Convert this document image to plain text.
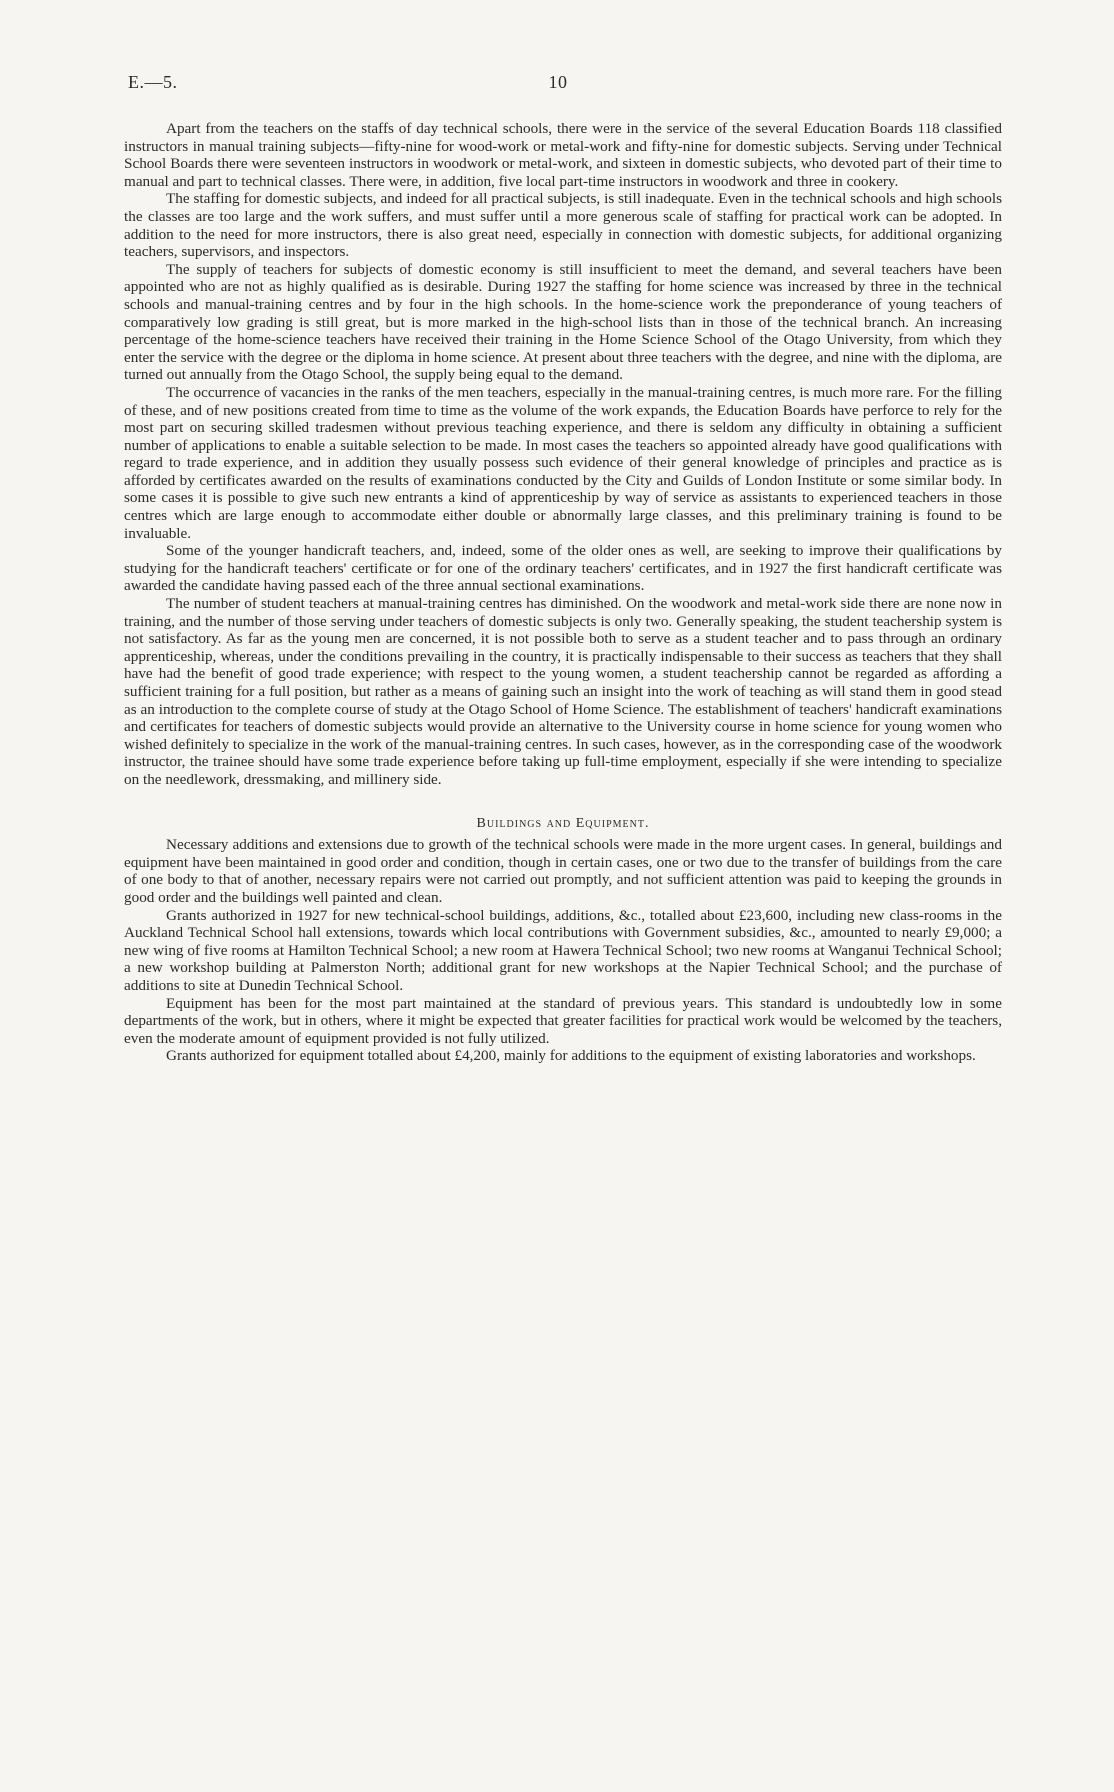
E.—5.	10

Apart from the teachers on the staffs of day technical schools, there were in the service of the several Education Boards 118 classified instructors in manual training subjects—fifty-nine for wood-work or metal-work and fifty-nine for domestic subjects. Serving under Technical School Boards there were seventeen instructors in woodwork or metal-work, and sixteen in domestic subjects, who devoted part of their time to manual and part to technical classes. There were, in addition, five local part-time instructors in woodwork and three in cookery.

The staffing for domestic subjects, and indeed for all practical subjects, is still inadequate. Even in the technical schools and high schools the classes are too large and the work suffers, and must suffer until a more generous scale of staffing for practical work can be adopted. In addition to the need for more instructors, there is also great need, especially in connection with domestic subjects, for additional organizing teachers, supervisors, and inspectors.

The supply of teachers for subjects of domestic economy is still insufficient to meet the demand, and several teachers have been appointed who are not as highly qualified as is desirable. During 1927 the staffing for home science was increased by three in the technical schools and manual-training centres and by four in the high schools. In the home-science work the preponderance of young teachers of comparatively low grading is still great, but is more marked in the high-school lists than in those of the technical branch. An increasing percentage of the home-science teachers have received their training in the Home Science School of the Otago University, from which they enter the service with the degree or the diploma in home science. At present about three teachers with the degree, and nine with the diploma, are turned out annually from the Otago School, the supply being equal to the demand.

The occurrence of vacancies in the ranks of the men teachers, especially in the manual-training centres, is much more rare. For the filling of these, and of new positions created from time to time as the volume of the work expands, the Education Boards have perforce to rely for the most part on securing skilled tradesmen without previous teaching experience, and there is seldom any difficulty in obtaining a sufficient number of applications to enable a suitable selection to be made. In most cases the teachers so appointed already have good qualifications with regard to trade experience, and in addition they usually possess such evidence of their general knowledge of principles and practice as is afforded by certificates awarded on the results of examinations conducted by the City and Guilds of London Institute or some similar body. In some cases it is possible to give such new entrants a kind of apprenticeship by way of service as assistants to experienced teachers in those centres which are large enough to accommodate either double or abnormally large classes, and this preliminary training is found to be invaluable.

Some of the younger handicraft teachers, and, indeed, some of the older ones as well, are seeking to improve their qualifications by studying for the handicraft teachers' certificate or for one of the ordinary teachers' certificates, and in 1927 the first handicraft certificate was awarded the candidate having passed each of the three annual sectional examinations.

The number of student teachers at manual-training centres has diminished. On the woodwork and metal-work side there are none now in training, and the number of those serving under teachers of domestic subjects is only two. Generally speaking, the student teachership system is not satisfactory. As far as the young men are concerned, it is not possible both to serve as a student teacher and to pass through an ordinary apprenticeship, whereas, under the conditions prevailing in the country, it is practically indispensable to their success as teachers that they shall have had the benefit of good trade experience; with respect to the young women, a student teachership cannot be regarded as affording a sufficient training for a full position, but rather as a means of gaining such an insight into the work of teaching as will stand them in good stead as an introduction to the complete course of study at the Otago School of Home Science. The establishment of teachers' handicraft examinations and certificates for teachers of domestic subjects would provide an alternative to the University course in home science for young women who wished definitely to specialize in the work of the manual-training centres. In such cases, however, as in the corresponding case of the woodwork instructor, the trainee should have some trade experience before taking up full-time employment, especially if she were intending to specialize on the needlework, dressmaking, and millinery side.

Buildings and Equipment.

Necessary additions and extensions due to growth of the technical schools were made in the more urgent cases. In general, buildings and equipment have been maintained in good order and condition, though in certain cases, one or two due to the transfer of buildings from the care of one body to that of another, necessary repairs were not carried out promptly, and not sufficient attention was paid to keeping the grounds in good order and the buildings well painted and clean.

Grants authorized in 1927 for new technical-school buildings, additions, &c., totalled about £23,600, including new class-rooms in the Auckland Technical School hall extensions, towards which local contributions with Government subsidies, &c., amounted to nearly £9,000; a new wing of five rooms at Hamilton Technical School; a new room at Hawera Technical School; two new rooms at Wanganui Technical School; a new workshop building at Palmerston North; additional grant for new workshops at the Napier Technical School; and the purchase of additions to site at Dunedin Technical School.

Equipment has been for the most part maintained at the standard of previous years. This standard is undoubtedly low in some departments of the work, but in others, where it might be expected that greater facilities for practical work would be welcomed by the teachers, even the moderate amount of equipment provided is not fully utilized.

Grants authorized for equipment totalled about £4,200, mainly for additions to the equipment of existing laboratories and workshops.
